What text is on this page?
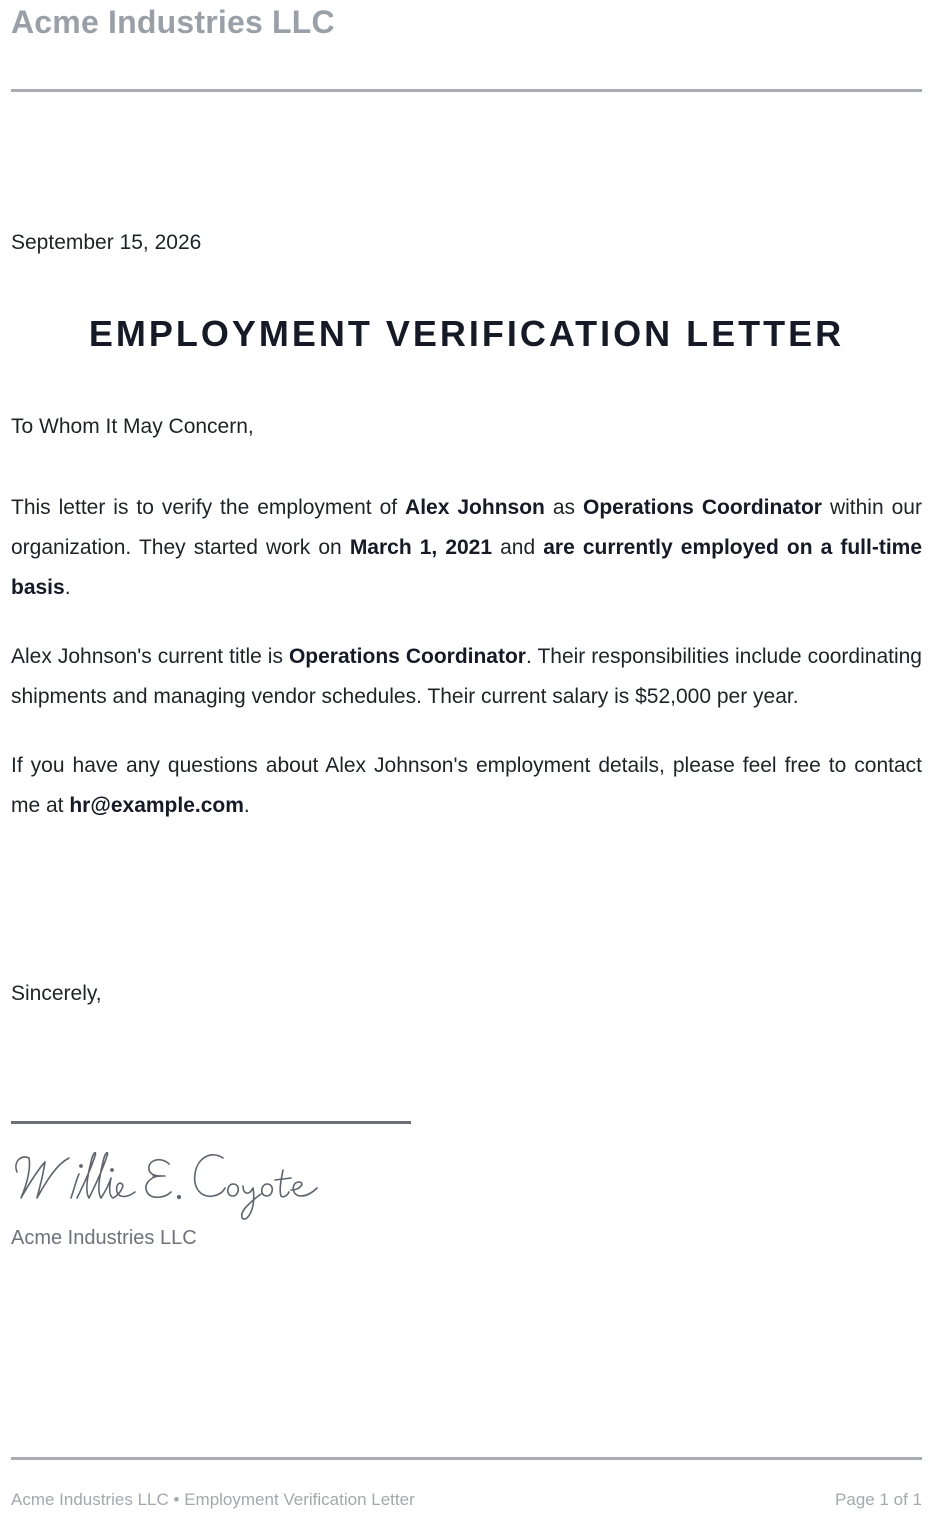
Acme Industries LLC
September 15, 2026
EMPLOYMENT VERIFICATION LETTER
To Whom It May Concern,
This letter is to verify the employment of Alex Johnson as Operations Coordinator within our organization. They started work on March 1, 2021 and are currently employed on a full-time basis.
Alex Johnson's current title is Operations Coordinator. Their responsibilities include coordinating shipments and managing vendor schedules. Their current salary is $52,000 per year.
If you have any questions about Alex Johnson's employment details, please feel free to contact me at hr@example.com.
Sincerely,
Acme Industries LLC
Acme Industries LLC • Employment Verification Letter	Page 1 of 1
